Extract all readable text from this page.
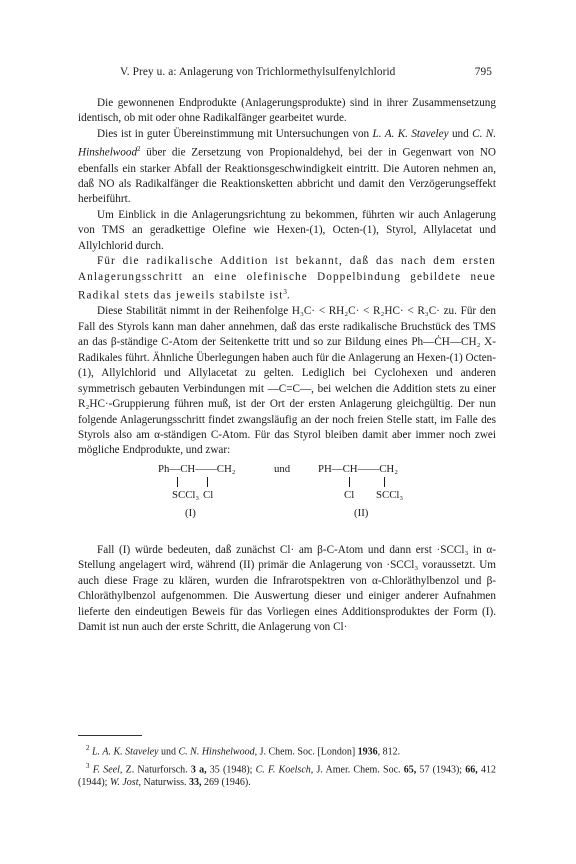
V. Prey u. a: Anlagerung von Trichlormethylsulfenylchlorid	795

Die gewonnenen Endprodukte (Anlagerungsprodukte) sind in ihrer Zusammensetzung identisch, ob mit oder ohne Radikalfänger gearbeitet wurde.

Dies ist in guter Übereinstimmung mit Untersuchungen von L. A. K. Staveley und C. N. Hinshelwood$^2$ über die Zersetzung von Propionaldehyd, bei der in Gegenwart von NO ebenfalls ein starker Abfall der Reaktionsgeschwindigkeit eintritt. Die Autoren nehmen an, daß NO als Radikalfänger die Reaktionsketten abbricht und damit den Verzögerungseffekt herbeiführt.

Um Einblick in die Anlagerungsrichtung zu bekommen, führten wir auch Anlagerung von TMS an geradkettige Olefine wie Hexen-(1), Octen-(1), Styrol, Allylacetat und Allylchlorid durch.

Für die radikalische Addition ist bekannt, daß das nach dem ersten Anlagerungsschritt an eine olefinische Doppelbindung gebildete neue Radikal stets das jeweils stabilste ist$^3$.

Diese Stabilität nimmt in der Reihenfolge H₃C· < RH₂C· < R₂HC· < R₃C· zu. Für den Fall des Styrols kann man daher annehmen, daß das erste radikalische Bruchstück des TMS an das β-ständige C-Atom der Seitenkette tritt und so zur Bildung eines Ph—ĊH—CH₂ X-Radikales führt. Ähnliche Überlegungen haben auch für die Anlagerung an Hexen-(1) Octen-(1), Allylchlorid und Allylacetat zu gelten. Lediglich bei Cyclohexen und anderen symmetrisch gebauten Verbindungen mit —C=C—, bei welchen die Addition stets zu einer R₂HC·-Gruppierung führen muß, ist der Ort der ersten Anlagerung gleichgültig. Der nun folgende Anlagerungsschritt findet zwangsläufig an der noch freien Stelle statt, im Falle des Styrols also am α-ständigen C-Atom. Für das Styrol bleiben damit aber immer noch zwei mögliche Endprodukte, und zwar:

Ph—CH——CH₂
SCCl₃ Cl
(I)
und	PH—CH——CH₂
Cl SCCl₃
(II)

Fall (I) würde bedeuten, daß zunächst Cl· am β-C-Atom und dann erst ·SCCl₃ in α-Stellung angelagert wird, während (II) primär die Anlagerung von ·SCCl₃ voraussetzt. Um auch diese Frage zu klären, wurden die Infrarotspektren von α-Chloräthylbenzol und β-Chloräthylbenzol aufgenommen. Die Auswertung dieser und einiger anderer Aufnahmen lieferte den eindeutigen Beweis für das Vorliegen eines Additionsproduktes der Form (I). Damit ist nun auch der erste Schritt, die Anlagerung von Cl·

$^2$ L. A. K. Staveley und C. N. Hinshelwood, J. Chem. Soc. [London] 1936, 812.

$^3$ F. Seel, Z. Naturforsch. 3 a, 35 (1948); C. F. Koelsch, J. Amer. Chem. Soc. 65, 57 (1943); 66, 412 (1944); W. Jost, Naturwiss. 33, 269 (1946).
